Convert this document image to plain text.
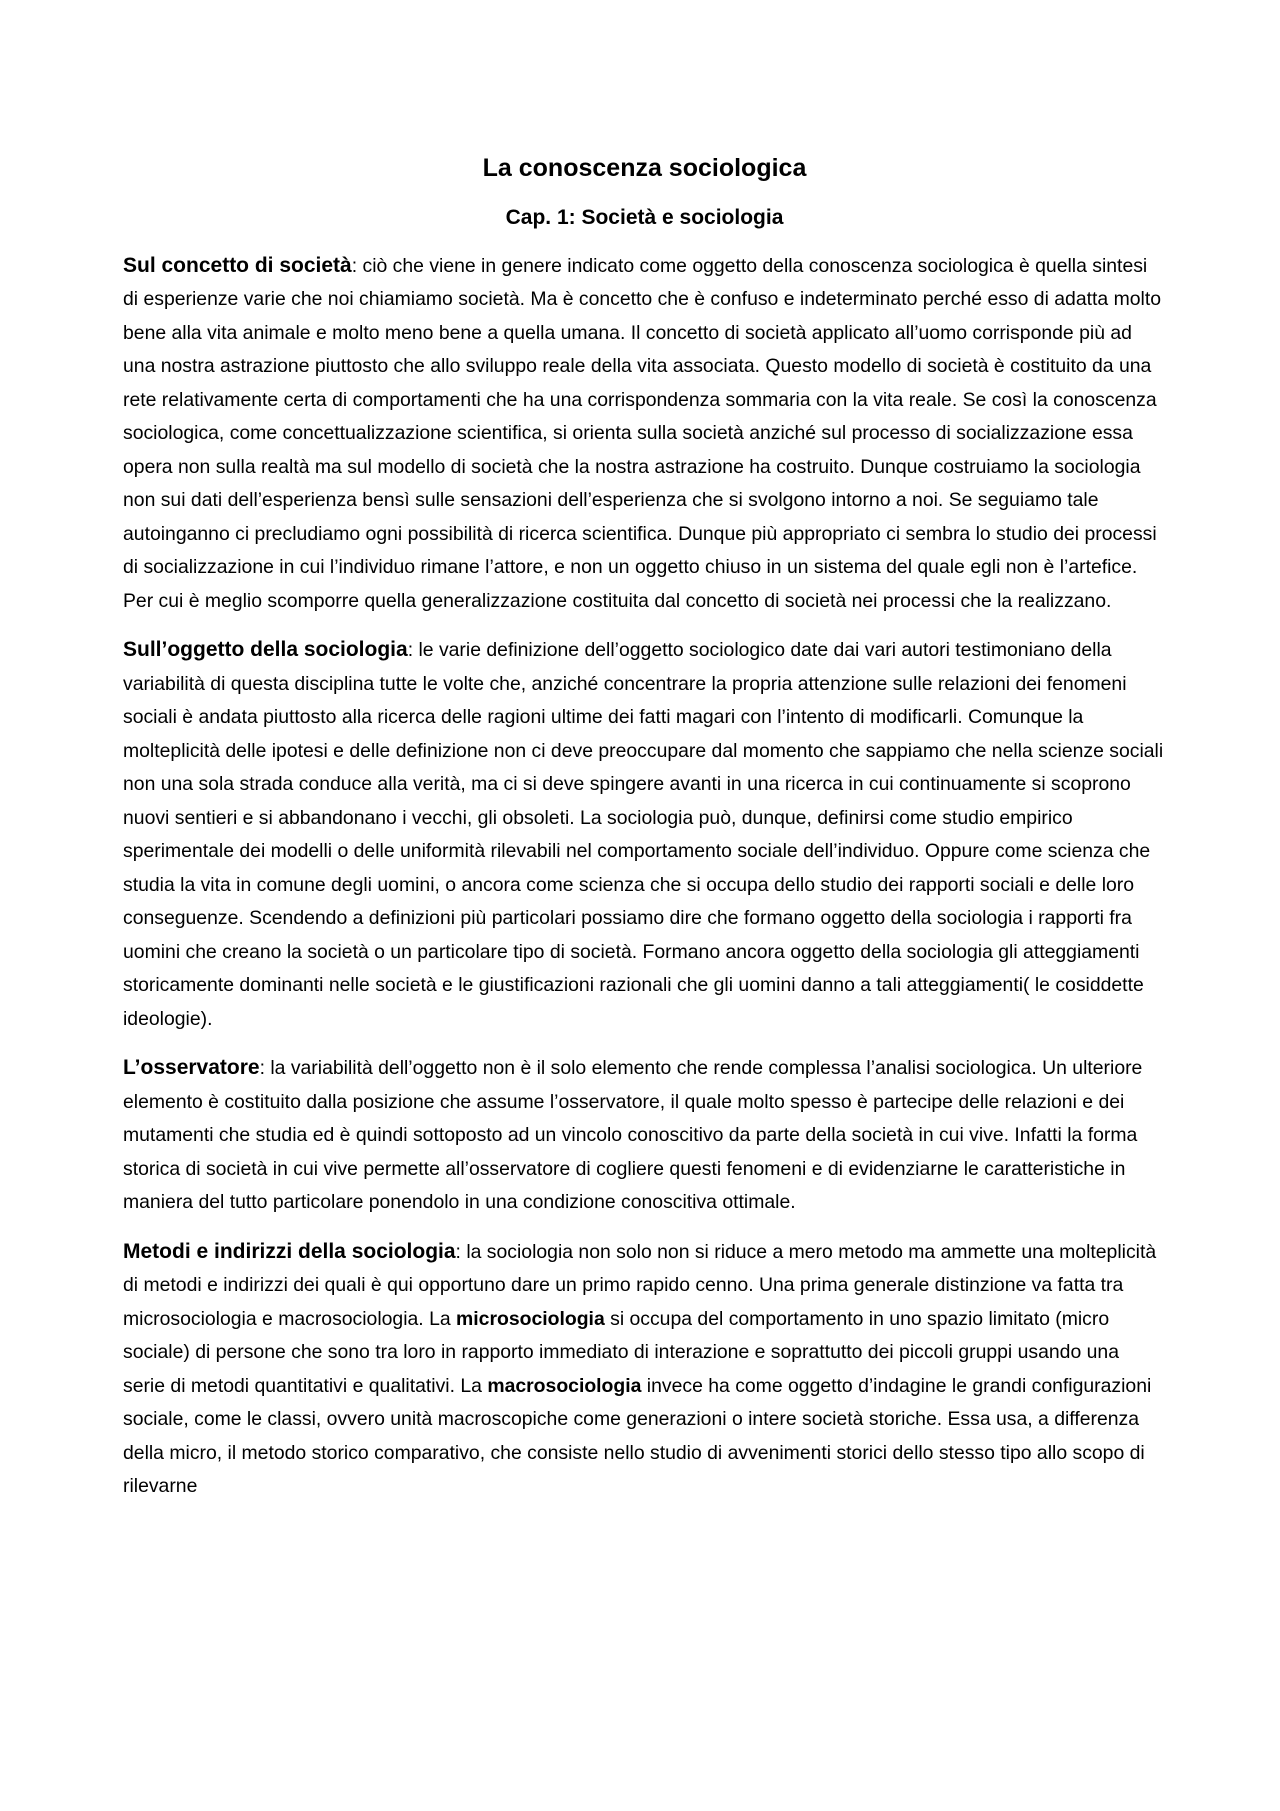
La conoscenza sociologica
Cap. 1: Società e sociologia

Sul concetto di società: ciò che viene in genere indicato come oggetto della conoscenza sociologica è quella sintesi di esperienze varie che noi chiamiamo società. Ma è concetto che è confuso e indeterminato perché esso di adatta molto bene alla vita animale e molto meno bene a quella umana. Il concetto di società applicato all’uomo corrisponde più ad una nostra astrazione piuttosto che allo sviluppo reale della vita associata. Questo modello di società è costituito da una rete relativamente certa di comportamenti che ha una corrispondenza sommaria con la vita reale. Se così la conoscenza sociologica, come concettualizzazione scientifica, si orienta sulla società anziché sul processo di socializzazione essa opera non sulla realtà ma sul modello di società che la nostra astrazione ha costruito. Dunque costruiamo la sociologia non sui dati dell’esperienza bensì sulle sensazioni dell’esperienza che si svolgono intorno a noi. Se seguiamo tale autoinganno ci precludiamo ogni possibilità di ricerca scientifica. Dunque più appropriato ci sembra lo studio dei processi di socializzazione in cui l’individuo rimane l’attore, e non un oggetto chiuso in un sistema del quale egli non è l’artefice. Per cui è meglio scomporre quella generalizzazione costituita dal concetto di società nei processi che la realizzano.

Sull’oggetto della sociologia: le varie definizione dell’oggetto sociologico date dai vari autori testimoniano della variabilità di questa disciplina tutte le volte che, anziché concentrare la propria attenzione sulle relazioni dei fenomeni sociali è andata piuttosto alla ricerca delle ragioni ultime dei fatti magari con l’intento di modificarli. Comunque la molteplicità delle ipotesi e delle definizione non ci deve preoccupare dal momento che sappiamo che nella scienze sociali non una sola strada conduce alla verità, ma ci si deve spingere avanti in una ricerca in cui continuamente si scoprono nuovi sentieri e si abbandonano i vecchi, gli obsoleti. La sociologia può, dunque, definirsi come studio empirico sperimentale dei modelli o delle uniformità rilevabili nel comportamento sociale dell’individuo. Oppure come scienza che studia la vita in comune degli uomini, o ancora come scienza che si occupa dello studio dei rapporti sociali e delle loro conseguenze. Scendendo a definizioni più particolari possiamo dire che formano oggetto della sociologia i rapporti fra uomini che creano la società o un particolare tipo di società. Formano ancora oggetto della sociologia gli atteggiamenti storicamente dominanti nelle società e le giustificazioni razionali che gli uomini danno a tali atteggiamenti( le cosiddette ideologie).

L’osservatore: la variabilità dell’oggetto non è il solo elemento che rende complessa l’analisi sociologica. Un ulteriore elemento è costituito dalla posizione che assume l’osservatore, il quale molto spesso è partecipe delle relazioni e dei mutamenti che studia ed è quindi sottoposto ad un vincolo conoscitivo da parte della società in cui vive. Infatti la forma storica di società in cui vive permette all’osservatore di cogliere questi fenomeni e di evidenziarne le caratteristiche in maniera del tutto particolare ponendolo in una condizione conoscitiva ottimale.

Metodi e indirizzi della sociologia: la sociologia non solo non si riduce a mero metodo ma ammette una molteplicità di metodi e indirizzi dei quali è qui opportuno dare un primo rapido cenno. Una prima generale distinzione va fatta tra microsociologia e macrosociologia. La microsociologia si occupa del comportamento in uno spazio limitato (micro sociale) di persone che sono tra loro in rapporto immediato di interazione e soprattutto dei piccoli gruppi usando una serie di metodi quantitativi e qualitativi. La macrosociologia invece ha come oggetto d’indagine le grandi configurazioni sociale, come le classi, ovvero unità macroscopiche come generazioni o intere società storiche. Essa usa, a differenza della micro, il metodo storico comparativo, che consiste nello studio di avvenimenti storici dello stesso tipo allo scopo di rilevarne
